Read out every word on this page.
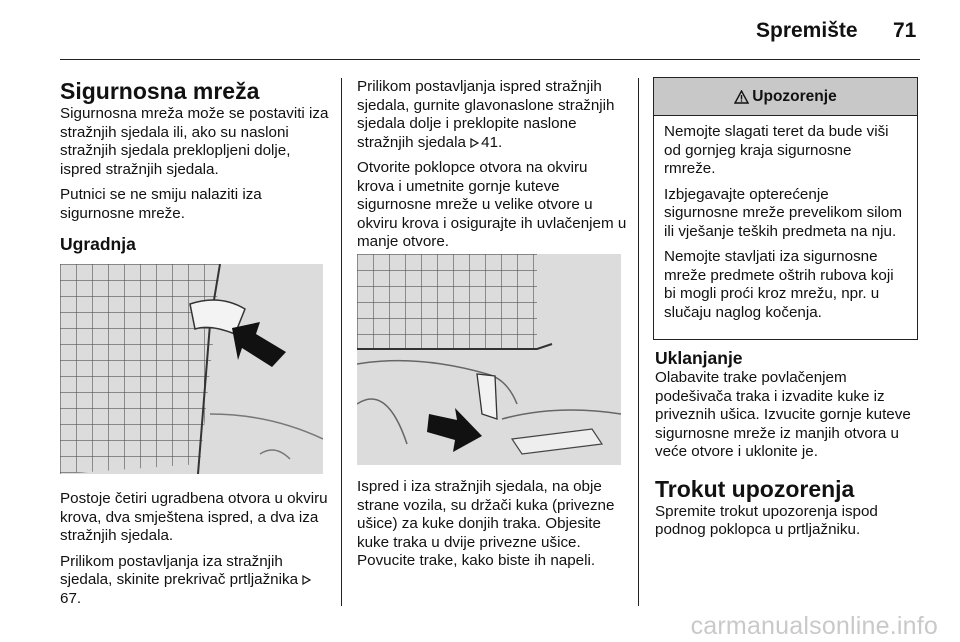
Spremište 71
Sigurnosna mreža

Sigurnosna mreža može se postaviti iza stražnjih sjedala ili, ako su nasloni stražnjih sjedala preklopljeni dolje, ispred stražnjih sjedala.

Putnici se ne smiju nalaziti iza sigurnosne mreže.

Ugradnja

Postoje četiri ugradbena otvora u okviru krova, dva smještena ispred, a dva iza stražnjih sjedala.

Prilikom postavljanja iza stražnjih sjedala, skinite prekrivač prtljažnika 67.

Prilikom postavljanja ispred stražnjih sjedala, gurnite glavonaslone stražnjih sjedala dolje i preklopite naslone stražnjih sjedala 41.

Otvorite poklopce otvora na okviru krova i umetnite gornje kuteve sigurnosne mreže u velike otvore u okviru krova i osigurajte ih uvlačenjem u manje otvore.

Ispred i iza stražnjih sjedala, na obje strane vozila, su držači kuka (privezne ušice) za kuke donjih traka. Objesite kuke traka u dvije privezne ušice. Povucite trake, kako biste ih napeli.

Upozorenje

Nemojte slagati teret da bude viši od gornjeg kraja sigurnosne rmreže.

Izbjegavajte opterećenje sigurnosne mreže prevelikom silom ili vješanje teških predmeta na nju.

Nemojte stavljati iza sigurnosne mreže predmete oštrih rubova koji bi mogli proći kroz mrežu, npr. u slučaju naglog kočenja.

Uklanjanje

Olabavite trake povlačenjem podešivača traka i izvadite kuke iz priveznih ušica. Izvucite gornje kuteve sigurnosne mreže iz manjih otvora u veće otvore i uklonite je.

Trokut upozorenja

Spremite trokut upozorenja ispod podnog poklopca u prtljažniku.

carmanualsonline.info
